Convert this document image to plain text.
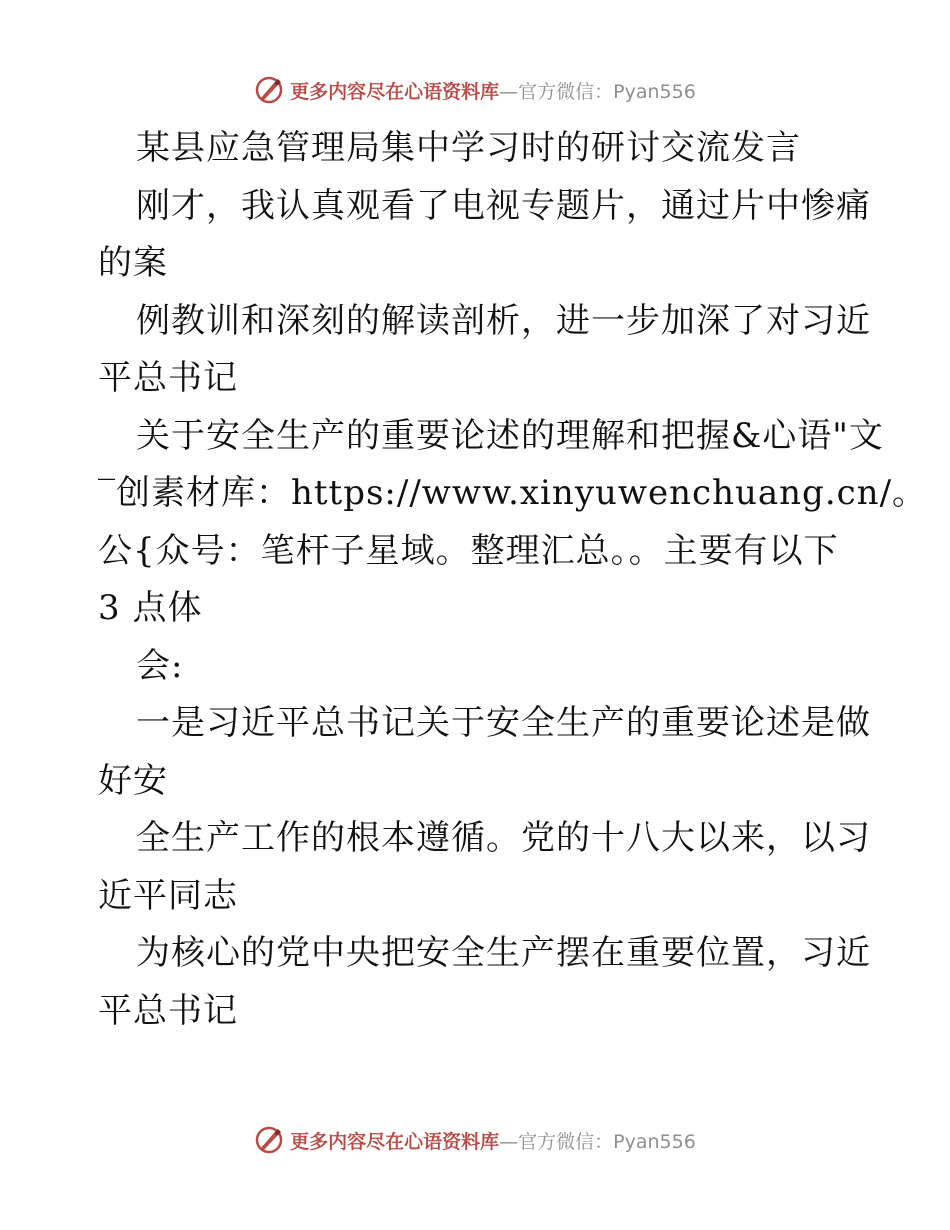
更多内容尽在心语资料库—官方微信：Pyan556
某县应急管理局集中学习时的研讨交流发言
刚才，我认真观看了电视专题片，通过片中惨痛
的案
例教训和深刻的解读剖析，进一步加深了对习近
平总书记
关于安全生产的重要论述的理解和把握&心语"文
‾创素材库：https://www.xinyuwenchuang.cn/。
公{众号：笔杆子星域。整理汇总。。主要有以下
3 点体
会:
一是习近平总书记关于安全生产的重要论述是做
好安
全生产工作的根本遵循。党的十八大以来，以习
近平同志
为核心的党中央把安全生产摆在重要位置，习近
平总书记
更多内容尽在心语资料库—官方微信：Pyan556
